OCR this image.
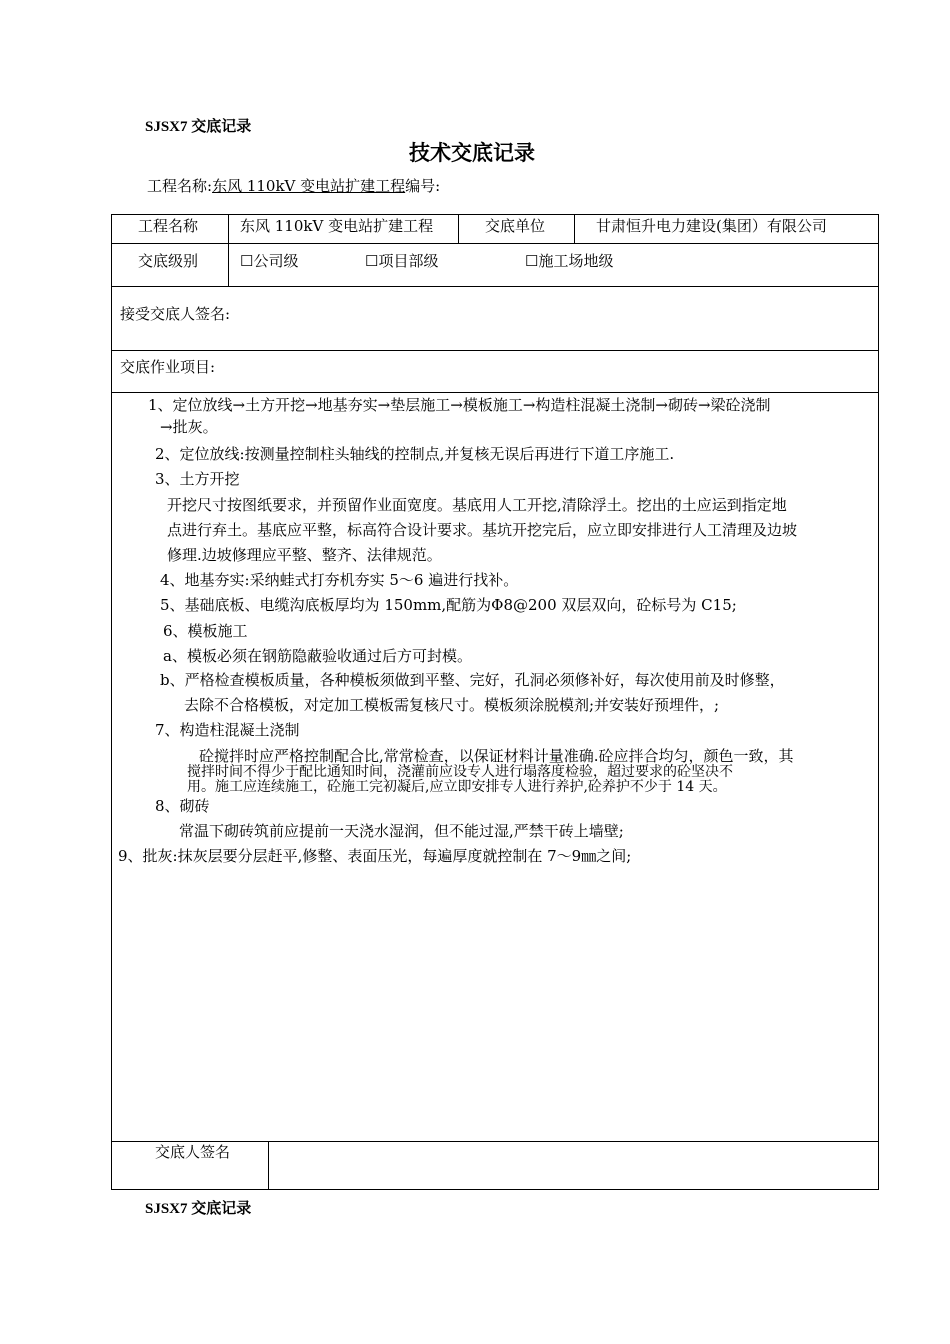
SJSX7 交底记录
技术交底记录
工程名称:东风 110kV 变电站扩建工程编号:
工程名称	东风 110kV 变电站扩建工程	交底单位	甘肃恒升电力建设(集团）有限公司
交底级别	☐公司级	☐项目部级	☐施工场地级
接受交底人签名:
交底作业项目:
1、定位放线→土方开挖→地基夯实→垫层施工→模板施工→构造柱混凝土浇制→砌砖→梁砼浇制
→批灰。
2、定位放线:按测量控制柱头轴线的控制点,并复核无误后再进行下道工序施工.
3、土方开挖
开挖尺寸按图纸要求，并预留作业面宽度。基底用人工开挖,清除浮土。挖出的土应运到指定地
点进行弃土。基底应平整，标高符合设计要求。基坑开挖完后，应立即安排进行人工清理及边坡
修理.边坡修理应平整、整齐、法律规范。
4、地基夯实:采纳蛙式打夯机夯实 5～6 遍进行找补。
5、基础底板、电缆沟底板厚均为 150mm,配筋为Φ8@200 双层双向，砼标号为 C15;
6、模板施工
a、模板必须在钢筋隐蔽验收通过后方可封模。
b、严格检查模板质量，各种模板须做到平整、完好，孔洞必须修补好，每次使用前及时修整，
去除不合格模板，对定加工模板需复核尺寸。模板须涂脱模剂;并安装好预埋件，;
7、构造柱混凝土浇制
砼搅拌时应严格控制配合比,常常检查，以保证材料计量准确.砼应拌合均匀，颜色一致，其
搅拌时间不得少于配比通知时间，浇灌前应设专人进行塌落度检验，超过要求的砼坚决不
用。施工应连续施工，砼施工完初凝后,应立即安排专人进行养护,砼养护不少于 14 天。
8、砌砖
常温下砌砖筑前应提前一天浇水湿润，但不能过湿,严禁干砖上墙壁;
9、批灰:抹灰层要分层赶平,修整、表面压光，每遍厚度就控制在 7～9㎜之间;
交底人签名
SJSX7 交底记录
